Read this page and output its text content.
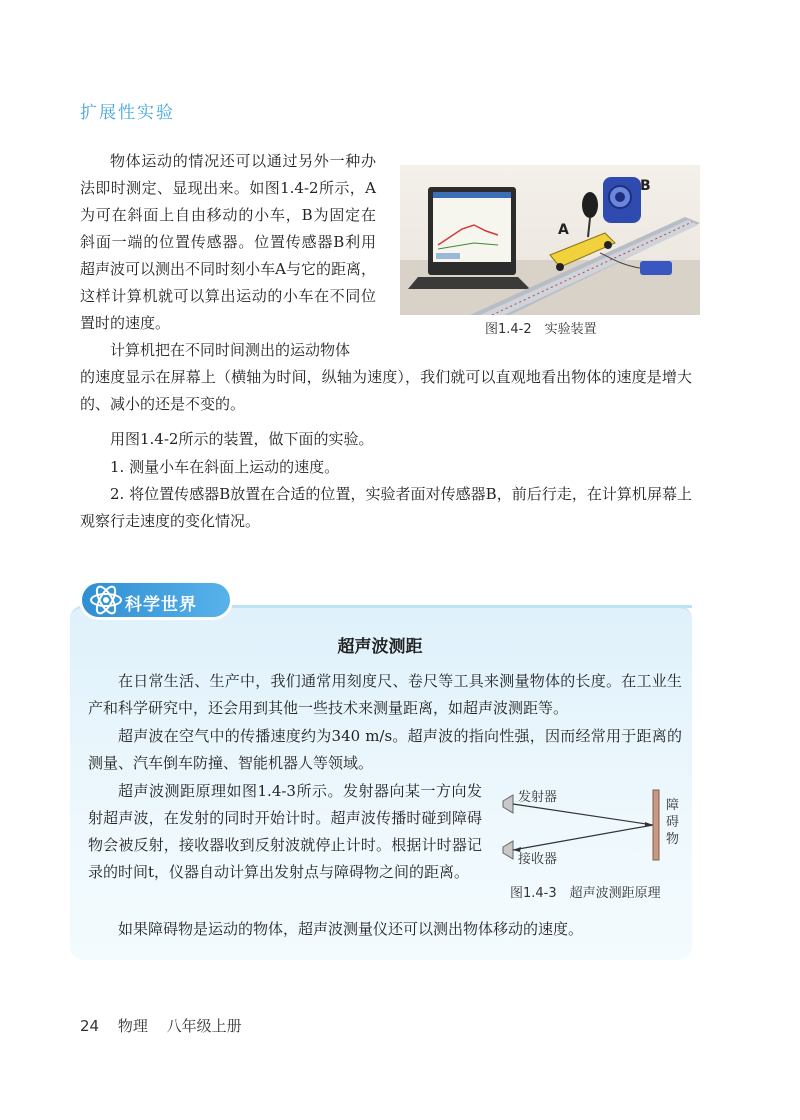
扩展性实验

物体运动的情况还可以通过另外一种办法即时测定、显现出来。如图1.4-2所示，A为可在斜面上自由移动的小车，B为固定在斜面一端的位置传感器。位置传感器B利用超声波可以测出不同时刻小车A与它的距离，这样计算机就可以算出运动的小车在不同位置时的速度。

A
B
图1.4-2　实验装置

计算机把在不同时间测出的运动物体

的速度显示在屏幕上（横轴为时间，纵轴为速度），我们就可以直观地看出物体的速度是增大的、减小的还是不变的。

用图1.4-2所示的装置，做下面的实验。

1. 测量小车在斜面上运动的速度。

2. 将位置传感器B放置在合适的位置，实验者面对传感器B，前后行走，在计算机屏幕上观察行走速度的变化情况。

科学世界
超声波测距

在日常生活、生产中，我们通常用刻度尺、卷尺等工具来测量物体的长度。在工业生产和科学研究中，还会用到其他一些技术来测量距离，如超声波测距等。

超声波在空气中的传播速度约为340 m/s。超声波的指向性强，因而经常用于距离的测量、汽车倒车防撞、智能机器人等领域。

超声波测距原理如图1.4-3所示。发射器向某一方向发射超声波，在发射的同时开始计时。超声波传播时碰到障碍物会被反射，接收器收到反射波就停止计时。根据计时器记录的时间t，仪器自动计算出发射点与障碍物之间的距离。

如果障碍物是运动的物体，超声波测量仪还可以测出物体移动的速度。

发射器
接收器
障碍物
图1.4-3　超声波测距原理
24 物理 八年级上册
